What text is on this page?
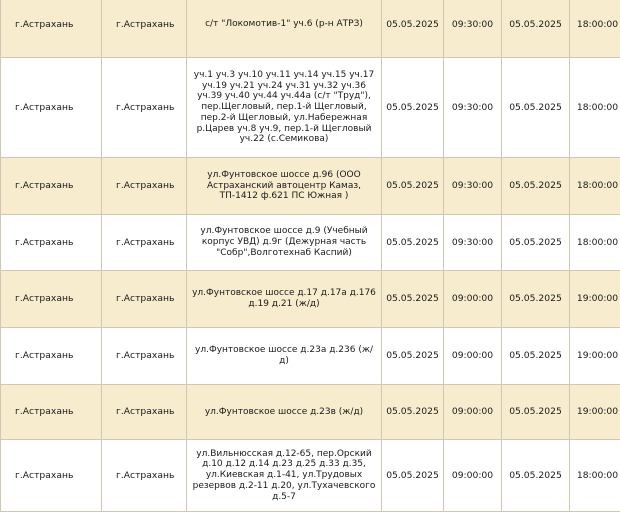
г.Астрахань	г.Астрахань	с/т "Локомотив-1" уч.6 (р-н АТРЗ)	05.05.2025	09:30:00	05.05.2025	18:00:00
г.Астрахань	г.Астрахань	уч.1 уч.3 уч.10 уч.11 уч.14 уч.15 уч.17 уч.19 уч.21 уч.24 уч.31 уч.32 уч.36 уч.39 уч.40 уч.44 уч.44а (с/т "Труд"), пер.Щегловый, пер.1-й Щегловый, пер.2-й Щегловый, ул.Набережная р.Царев уч.8 уч.9, пер.1-й Щегловый уч.22 (с.Семикова)	05.05.2025	09:30:00	05.05.2025	18:00:00
г.Астрахань	г.Астрахань	ул.Фунтовское шоссе д.96 (ООО Астраханский автоцентр Камаз, ТП-1412 ф.621 ПС Южная )	05.05.2025	09:30:00	05.05.2025	18:00:00
г.Астрахань	г.Астрахань	ул.Фунтовское шоссе д.9 (Учебный корпус УВД) д.9г (Дежурная часть "Собр",Волготехнаб Каспий)	05.05.2025	09:30:00	05.05.2025	18:00:00
г.Астрахань	г.Астрахань	ул.Фунтовское шоссе д.17 д.17а д.176 д.19 д.21 (ж/д)	05.05.2025	09:00:00	05.05.2025	19:00:00
г.Астрахань	г.Астрахань	ул.Фунтовское шоссе д.23а д.236 (ж/д)	05.05.2025	09:00:00	05.05.2025	19:00:00
г.Астрахань	г.Астрахань	ул.Фунтовское шоссе д.23в (ж/д)	05.05.2025	09:00:00	05.05.2025	19:00:00
г.Астрахань	г.Астрахань	ул.Вильнюсская д.12-65, пер.Орский д.10 д.12 д.14 д.23 д.25 д.33 д.35, ул.Киевская д.1-41, ул.Трудовых резервов д.2-11 д.20, ул.Тухачевского д.5-7	05.05.2025	09:00:00	05.05.2025	18:00:00
